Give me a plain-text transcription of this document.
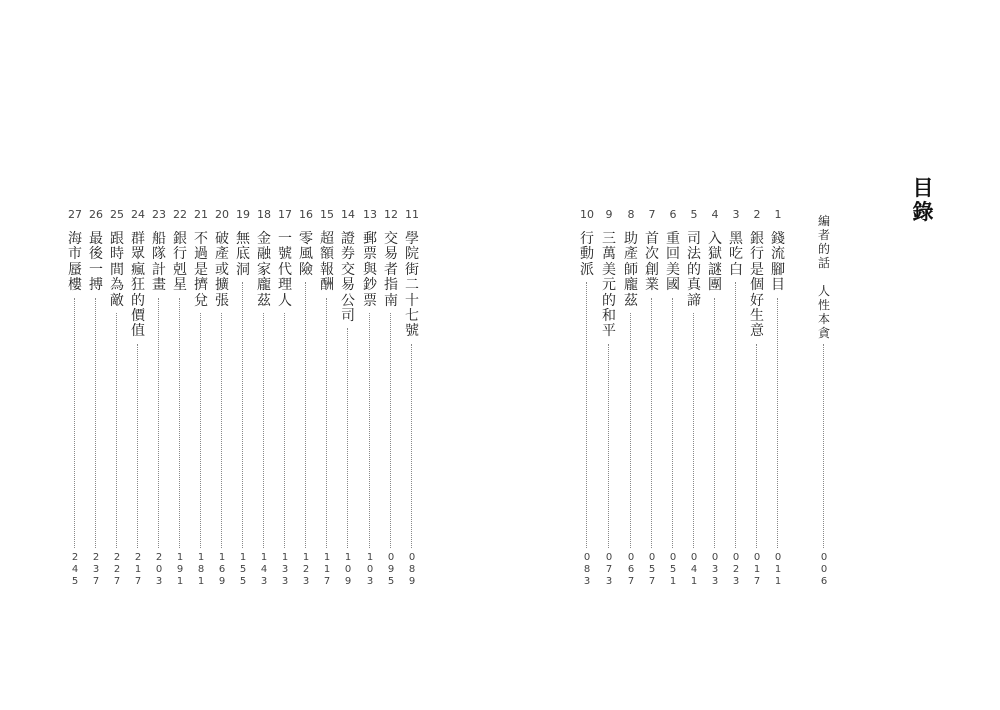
目
錄
編
者
的
話

人
性
本
貪
0
0
6
1
錢
流
腳
目
0
1
1
2
銀
行
是
個
好
生
意
0
1
7
3
黑
吃
白
0
2
3
4
入
獄
謎
團
0
3
3
5
司
法
的
真
諦
0
4
1
6
重
回
美
國
0
5
1
7
首
次
創
業
0
5
7
8
助
產
師
龐
茲
0
6
7
9
三
萬
美
元
的
和
平
0
7
3
10
行
動
派
0
8
3
11
學
院
街
二
十
七
號
0
8
9
12
交
易
者
指
南
0
9
5
13
郵
票
與
鈔
票
1
0
3
14
證
券
交
易
公
司
1
0
9
15
超
額
報
酬
1
1
7
16
零
風
險
1
2
3
17
一
號
代
理
人
1
3
3
18
金
融
家
龐
茲
1
4
3
19
無
底
洞
1
5
5
20
破
產
或
擴
張
1
6
9
21
不
過
是
擠
兌
1
8
1
22
銀
行
剋
星
1
9
1
23
船
隊
計
畫
2
0
3
24
群
眾
瘋
狂
的
價
值
2
1
7
25
跟
時
間
為
敵
2
2
7
26
最
後
一
搏
2
3
7
27
海
市
蜃
樓
2
4
5
